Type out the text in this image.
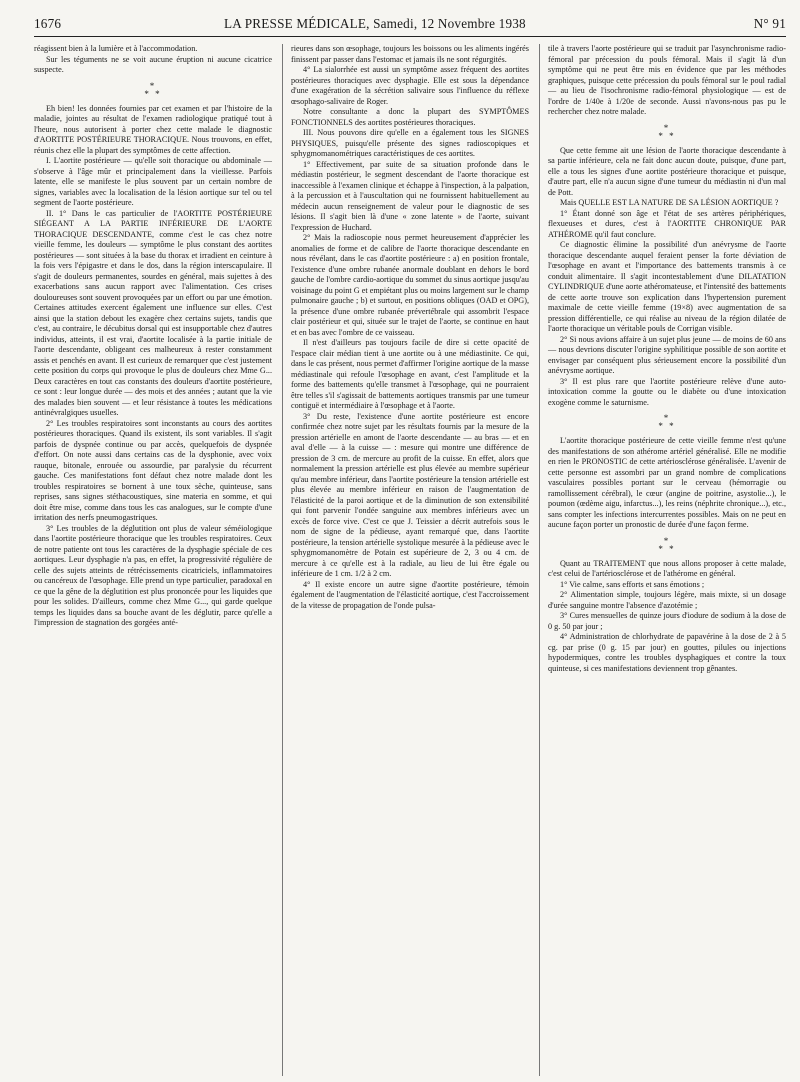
1676	LA PRESSE MÉDICALE, Samedi, 12 Novembre 1938	N° 91

réagissent bien à la lumière et à l'accommodation.

Sur les téguments ne se voit aucune éruption ni aucune cicatrice suspecte.

*
* *

Eh bien! les données fournies par cet examen et par l'histoire de la maladie, jointes au résultat de l'examen radiologique pratiqué tout à l'heure, nous autorisent à porter chez cette malade le diagnostic d'AORTITE POSTÉRIEURE THORACIQUE. Nous trouvons, en effet, réunis chez elle la plupart des symptômes de cette affection.

I. L'aortite postérieure — qu'elle soit thoracique ou abdominale — s'observe à l'âge mûr et principalement dans la vieillesse. Parfois latente, elle se manifeste le plus souvent par un certain nombre de signes, variables avec la localisation de la lésion aortique sur tel ou tel segment de l'aorte postérieure.

II. 1° Dans le cas particulier de l'AORTITE POSTÉRIEURE SIÉGEANT A LA PARTIE INFÉRIEURE DE L'AORTE THORACIQUE DESCENDANTE, comme c'est le cas chez notre vieille femme, les douleurs — symptôme le plus constant des aortites postérieures — sont situées à la base du thorax et irradient en ceinture à la fois vers l'épigastre et dans le dos, dans la région interscapulaire. Il s'agit de douleurs permanentes, sourdes en général, mais sujettes à des exacerbations sans aucun rapport avec l'alimentation. Ces crises douloureuses sont souvent provoquées par un effort ou par une émotion. Certaines attitudes exercent également une influence sur elles. C'est ainsi que la station debout les exagère chez certains sujets, tandis que c'est, au contraire, le décubitus dorsal qui est insupportable chez d'autres individus, atteints, il est vrai, d'aortite localisée à la partie initiale de l'aorte descendante, obligeant ces malheureux à rester constamment assis et penchés en avant. Il est curieux de remarquer que c'est justement cette position du corps qui provoque le plus de douleurs chez Mme G... Deux caractères en tout cas constants des douleurs d'aortite postérieure, ce sont : leur longue durée — des mois et des années ; autant que la vie des malades bien souvent — et leur résistance à toutes les médications antinévralgiques usuelles.

2° Les troubles respiratoires sont inconstants au cours des aortites postérieures thoraciques. Quand ils existent, ils sont variables. Il s'agit parfois de dyspnée continue ou par accès, quelquefois de dyspnée d'effort. On note aussi dans certains cas de la dysphonie, avec voix rauque, bitonale, enrouée ou assourdie, par paralysie du récurrent gauche. Ces manifestations font défaut chez notre malade dont les troubles respiratoires se bornent à une toux sèche, quinteuse, sans reprises, sans signes stéthacoustiques, sine materia en somme, et qui doit être mise, comme dans tous les cas analogues, sur le compte d'une irritation des nerfs pneumogastriques.

3° Les troubles de la déglutition ont plus de valeur séméiologique dans l'aortite postérieure thoracique que les troubles respiratoires. Ceux de notre patiente ont tous les caractères de la dysphagie spéciale de ces aortiques. Leur dysphagie n'a pas, en effet, la progressivité régulière de celle des sujets atteints de rétrécissements cicatriciels, inflammatoires ou cancéreux de l'œsophage. Elle prend un type particulier, paradoxal en ce que la gêne de la déglutition est plus prononcée pour les liquides que pour les solides. D'ailleurs, comme chez Mme G..., qui garde quelque temps les liquides dans sa bouche avant de les déglutir, parce qu'elle a l'impression de stagnation des gorgées anté-

rieures dans son œsophage, toujours les boissons ou les aliments ingérés finissent par passer dans l'estomac et jamais ils ne sont régurgités.

4° La sialorrhée est aussi un symptôme assez fréquent des aortites postérieures thoraciques avec dysphagie. Elle est sous la dépendance d'une exagération de la sécrétion salivaire sous l'influence du réflexe œsophago-salivaire de Roger.

Notre consultante a donc la plupart des SYMPTÔMES FONCTIONNELS des aortites postérieures thoraciques.

III. Nous pouvons dire qu'elle en a également tous les SIGNES PHYSIQUES, puisqu'elle présente des signes radioscopiques et sphygmomanométriques caractéristiques de ces aortites.

1° Effectivement, par suite de sa situation profonde dans le médiastin postérieur, le segment descendant de l'aorte thoracique est inaccessible à l'examen clinique et échappe à l'inspection, à la palpation, à la percussion et à l'auscultation qui ne fournissent habituellement au médecin aucun renseignement de valeur pour le diagnostic de ses lésions. Il s'agit bien là d'une « zone latente » de l'aorte, suivant l'expression de Huchard.

2° Mais la radioscopie nous permet heureusement d'apprécier les anomalies de forme et de calibre de l'aorte thoracique descendante en nous révélant, dans le cas d'aortite postérieure : a) en position frontale, l'existence d'une ombre rubanée anormale doublant en dehors le bord gauche de l'ombre cardio-aortique du sommet du sinus aortique jusqu'au voisinage du point G et empiétant plus ou moins largement sur le champ pulmonaire gauche ; b) et surtout, en positions obliques (OAD et OPG), la présence d'une ombre rubanée prévertébrale qui assombrit l'espace clair postérieur et qui, située sur le trajet de l'aorte, se continue en haut et en bas avec l'ombre de ce vaisseau.

Il n'est d'ailleurs pas toujours facile de dire si cette opacité de l'espace clair médian tient à une aortite ou à une médiastinite. Ce qui, dans le cas présent, nous permet d'affirmer l'origine aortique de la masse médiastinale qui refoule l'œsophage en avant, c'est l'amplitude et la forme des battements qu'elle transmet à l'œsophage, qui ne pourraient être telles s'il s'agissait de battements aortiques transmis par une tumeur contiguë et intermédiaire à l'œsophage et à l'aorte.

3° Du reste, l'existence d'une aortite postérieure est encore confirmée chez notre sujet par les résultats fournis par la mesure de la pression artérielle en amont de l'aorte descendante — au bras — et en aval d'elle — à la cuisse — : mesure qui montre une différence de pression de 3 cm. de mercure au profit de la cuisse. En effet, alors que normalement la pression artérielle est plus élevée au membre supérieur qu'au membre inférieur, dans l'aortite postérieure la tension artérielle est plus élevée au membre inférieur en raison de l'augmentation de l'élasticité de la paroi aortique et de la diminution de son extensibilité qui font parvenir l'ondée sanguine aux membres inférieurs avec un excès de force vive. C'est ce que J. Teissier a décrit autrefois sous le nom de signe de la pédieuse, ayant remarqué que, dans l'aortite postérieure, la tension artérielle systolique mesurée à la pédieuse avec le sphygmomanomètre de Potain est supérieure de 2, 3 ou 4 cm. de mercure à ce qu'elle est à la radiale, au lieu de lui être égale ou inférieure de 1 cm. 1/2 à 2 cm.

4° Il existe encore un autre signe d'aortite postérieure, témoin également de l'augmentation de l'élasticité aortique, c'est l'accroissement de la vitesse de propagation de l'onde pulsa-

tile à travers l'aorte postérieure qui se traduit par l'asynchronisme radio-fémoral par précession du pouls fémoral. Mais il s'agit là d'un symptôme qui ne peut être mis en évidence que par les méthodes graphiques, puisque cette précession du pouls fémoral sur le poul radial — au lieu de l'isochronisme radio-fémoral physiologique — est de l'ordre de 1/40e à 1/20e de seconde. Aussi n'avons-nous pas pu le rechercher chez notre malade.

*
* *

Que cette femme ait une lésion de l'aorte thoracique descendante à sa partie inférieure, cela ne fait donc aucun doute, puisque, d'une part, elle a tous les signes d'une aortite postérieure thoracique et puisque, d'autre part, elle n'a aucun signe d'une tumeur du médiastin ni d'un mal de Pott.

Mais QUELLE EST LA NATURE DE SA LÉSION AORTIQUE ?

1° Étant donné son âge et l'état de ses artères périphériques, flexueuses et dures, c'est à l'AORTITE CHRONIQUE PAR ATHÉROME qu'il faut conclure.

Ce diagnostic élimine la possibilité d'un anévrysme de l'aorte thoracique descendante auquel feraient penser la forte déviation de l'œsophage en avant et l'importance des battements transmis à ce conduit alimentaire. Il s'agit incontestablement d'une DILATATION CYLINDRIQUE d'une aorte athéromateuse, et l'intensité des battements de cette aorte trouve son explication dans l'hypertension purement maximale de cette vieille femme (19×8) avec augmentation de sa pression différentielle, ce qui réalise au niveau de la région dilatée de l'aorte thoracique un véritable pouls de Corrigan visible.

2° Si nous avions affaire à un sujet plus jeune — de moins de 60 ans — nous devrions discuter l'origine syphilitique possible de son aortite et envisager par conséquent plus sérieusement encore la possibilité d'un anévrysme aortique.

3° Il est plus rare que l'aortite postérieure relève d'une auto-intoxication comme la goutte ou le diabète ou d'une intoxication exogène comme le saturnisme.

*
* *

L'aortite thoracique postérieure de cette vieille femme n'est qu'une des manifestations de son athérome artériel généralisé. Elle ne modifie en rien le PRONOSTIC de cette artériosclérose généralisée. L'avenir de cette personne est assombri par un grand nombre de complications vasculaires possibles portant sur le cerveau (hémorragie ou ramollissement cérébral), le cœur (angine de poitrine, asystolie...), le poumon (œdème aigu, infarctus...), les reins (néphrite chronique...), etc., sans compter les infections intercurrentes possibles. Mais on ne peut en aucune façon porter un pronostic de durée d'une façon ferme.

*
* *

Quant au TRAITEMENT que nous allons proposer à cette malade, c'est celui de l'artériosclérose et de l'athérome en général.

1° Vie calme, sans efforts et sans émotions ;

2° Alimentation simple, toujours légère, mais mixte, si un dosage d'urée sanguine montre l'absence d'azotémie ;

3° Cures mensuelles de quinze jours d'iodure de sodium à la dose de 0 g. 50 par jour ;

4° Administration de chlorhydrate de papavérine à la dose de 2 à 5 cg. par prise (0 g. 15 par jour) en gouttes, pilules ou injections hypodermiques, contre les troubles dysphagiques et contre la toux quinteuse, si ces manifestations deviennent trop gênantes.
